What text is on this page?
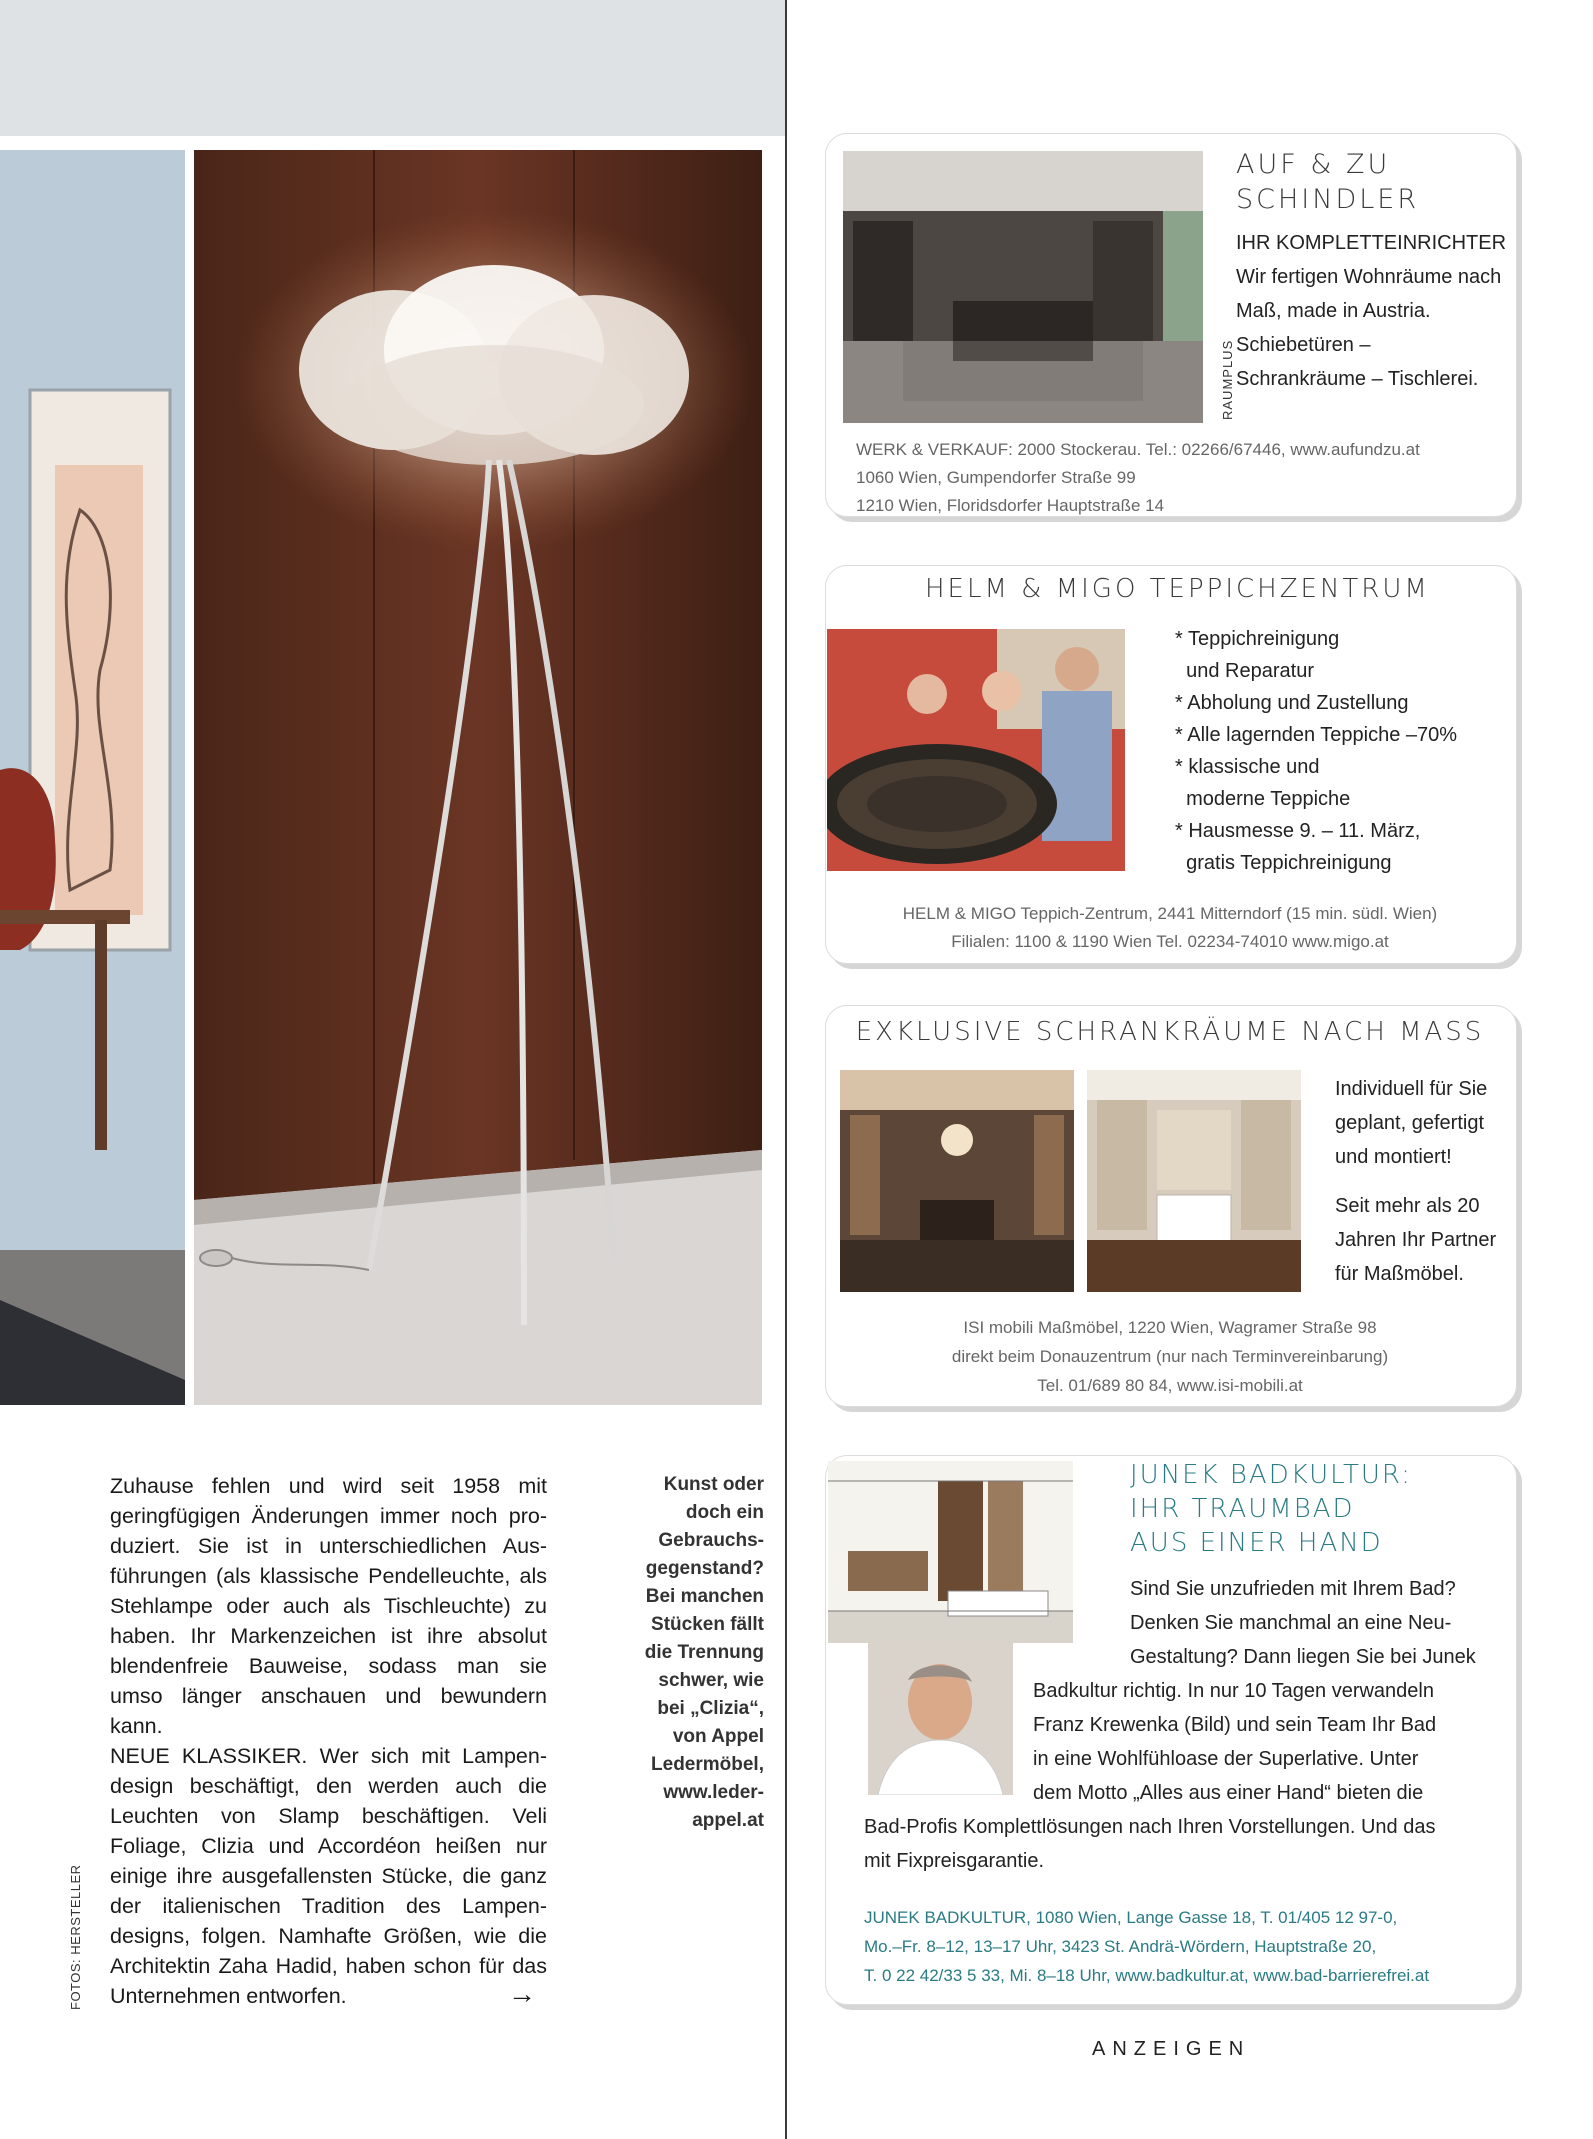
Zuhause fehlen und wird seit 1958 mit geringfügigen Änderungen immer noch produziert. Sie ist in unterschiedlichen Ausführungen (als klassische Pendelleuchte, als Stehlampe oder auch als Tischleuchte) zu haben. Ihr Markenzeichen ist ihre absolut blendenfreie Bauweise, sodass man sie umso länger anschauen und bewundern kann.
NEUE KLASSIKER. Wer sich mit Lampendesign beschäftigt, den werden auch die Leuchten von Slamp beschäftigen. Veli Foliage, Clizia und Accordéon heißen nur einige ihre ausgefallensten Stücke, die ganz der italienischen Tradition des Lampendesigns, folgen. Namhafte Größen, wie die Architektin Zaha Hadid, haben schon für das Unternehmen entworfen.	→
Kunst oder doch ein Gebrauchsgegenstand? Bei manchen Stücken fällt die Trennung schwer, wie bei „Clizia“, von Appel Ledermöbel, www.lederappel.at
FOTOS: HERSTELLER
RAUMPLUS
AUF & ZU
SCHINDLER
IHR KOMPLETTEINRICHTER
Wir fertigen Wohnräume nach Maß, made in Austria. Schiebetüren – Schrankräume – Tischlerei.
WERK & VERKAUF: 2000 Stockerau. Tel.: 02266/67446, www.aufundzu.at
1060 Wien, Gumpendorfer Straße 99
1210 Wien, Floridsdorfer Hauptstraße 14
HELM & MIGO TEPPICHZENTRUM
* Teppichreinigung
und Reparatur
* Abholung und Zustellung
* Alle lagernden Teppiche –70%
* klassische und
moderne Teppiche
* Hausmesse 9. – 11. März,
gratis Teppichreinigung
HELM & MIGO Teppich-Zentrum, 2441 Mitterndorf (15 min. südl. Wien)
Filialen: 1100 & 1190 Wien Tel. 02234-74010 www.migo.at
EXKLUSIVE SCHRANKRÄUME NACH MASS
Individuell für Sie geplant, gefertigt und montiert!
Seit mehr als 20 Jahren Ihr Partner für Maßmöbel.
ISI mobili Maßmöbel, 1220 Wien, Wagramer Straße 98
direkt beim Donauzentrum (nur nach Terminvereinbarung)
Tel. 01/689 80 84, www.isi-mobili.at
JUNEK BADKULTUR:
IHR TRAUMBAD
AUS EINER HAND
Sind Sie unzufrieden mit Ihrem Bad?
Denken Sie manchmal an eine Neu-
Gestaltung? Dann liegen Sie bei Junek
Badkultur richtig. In nur 10 Tagen verwandeln
Franz Krewenka (Bild) und sein Team Ihr Bad
in eine Wohlfühloase der Superlative. Unter
dem Motto „Alles aus einer Hand“ bieten die
Bad-Profis Komplettlösungen nach Ihren Vorstellungen. Und das
mit Fixpreisgarantie.
JUNEK BADKULTUR, 1080 Wien, Lange Gasse 18, T. 01/405 12 97-0,
Mo.–Fr. 8–12, 13–17 Uhr, 3423 St. Andrä-Wördern, Hauptstraße 20,
T. 0 22 42/33 5 33, Mi. 8–18 Uhr, www.badkultur.at, www.bad-barrierefrei.at
ANZEIGEN
